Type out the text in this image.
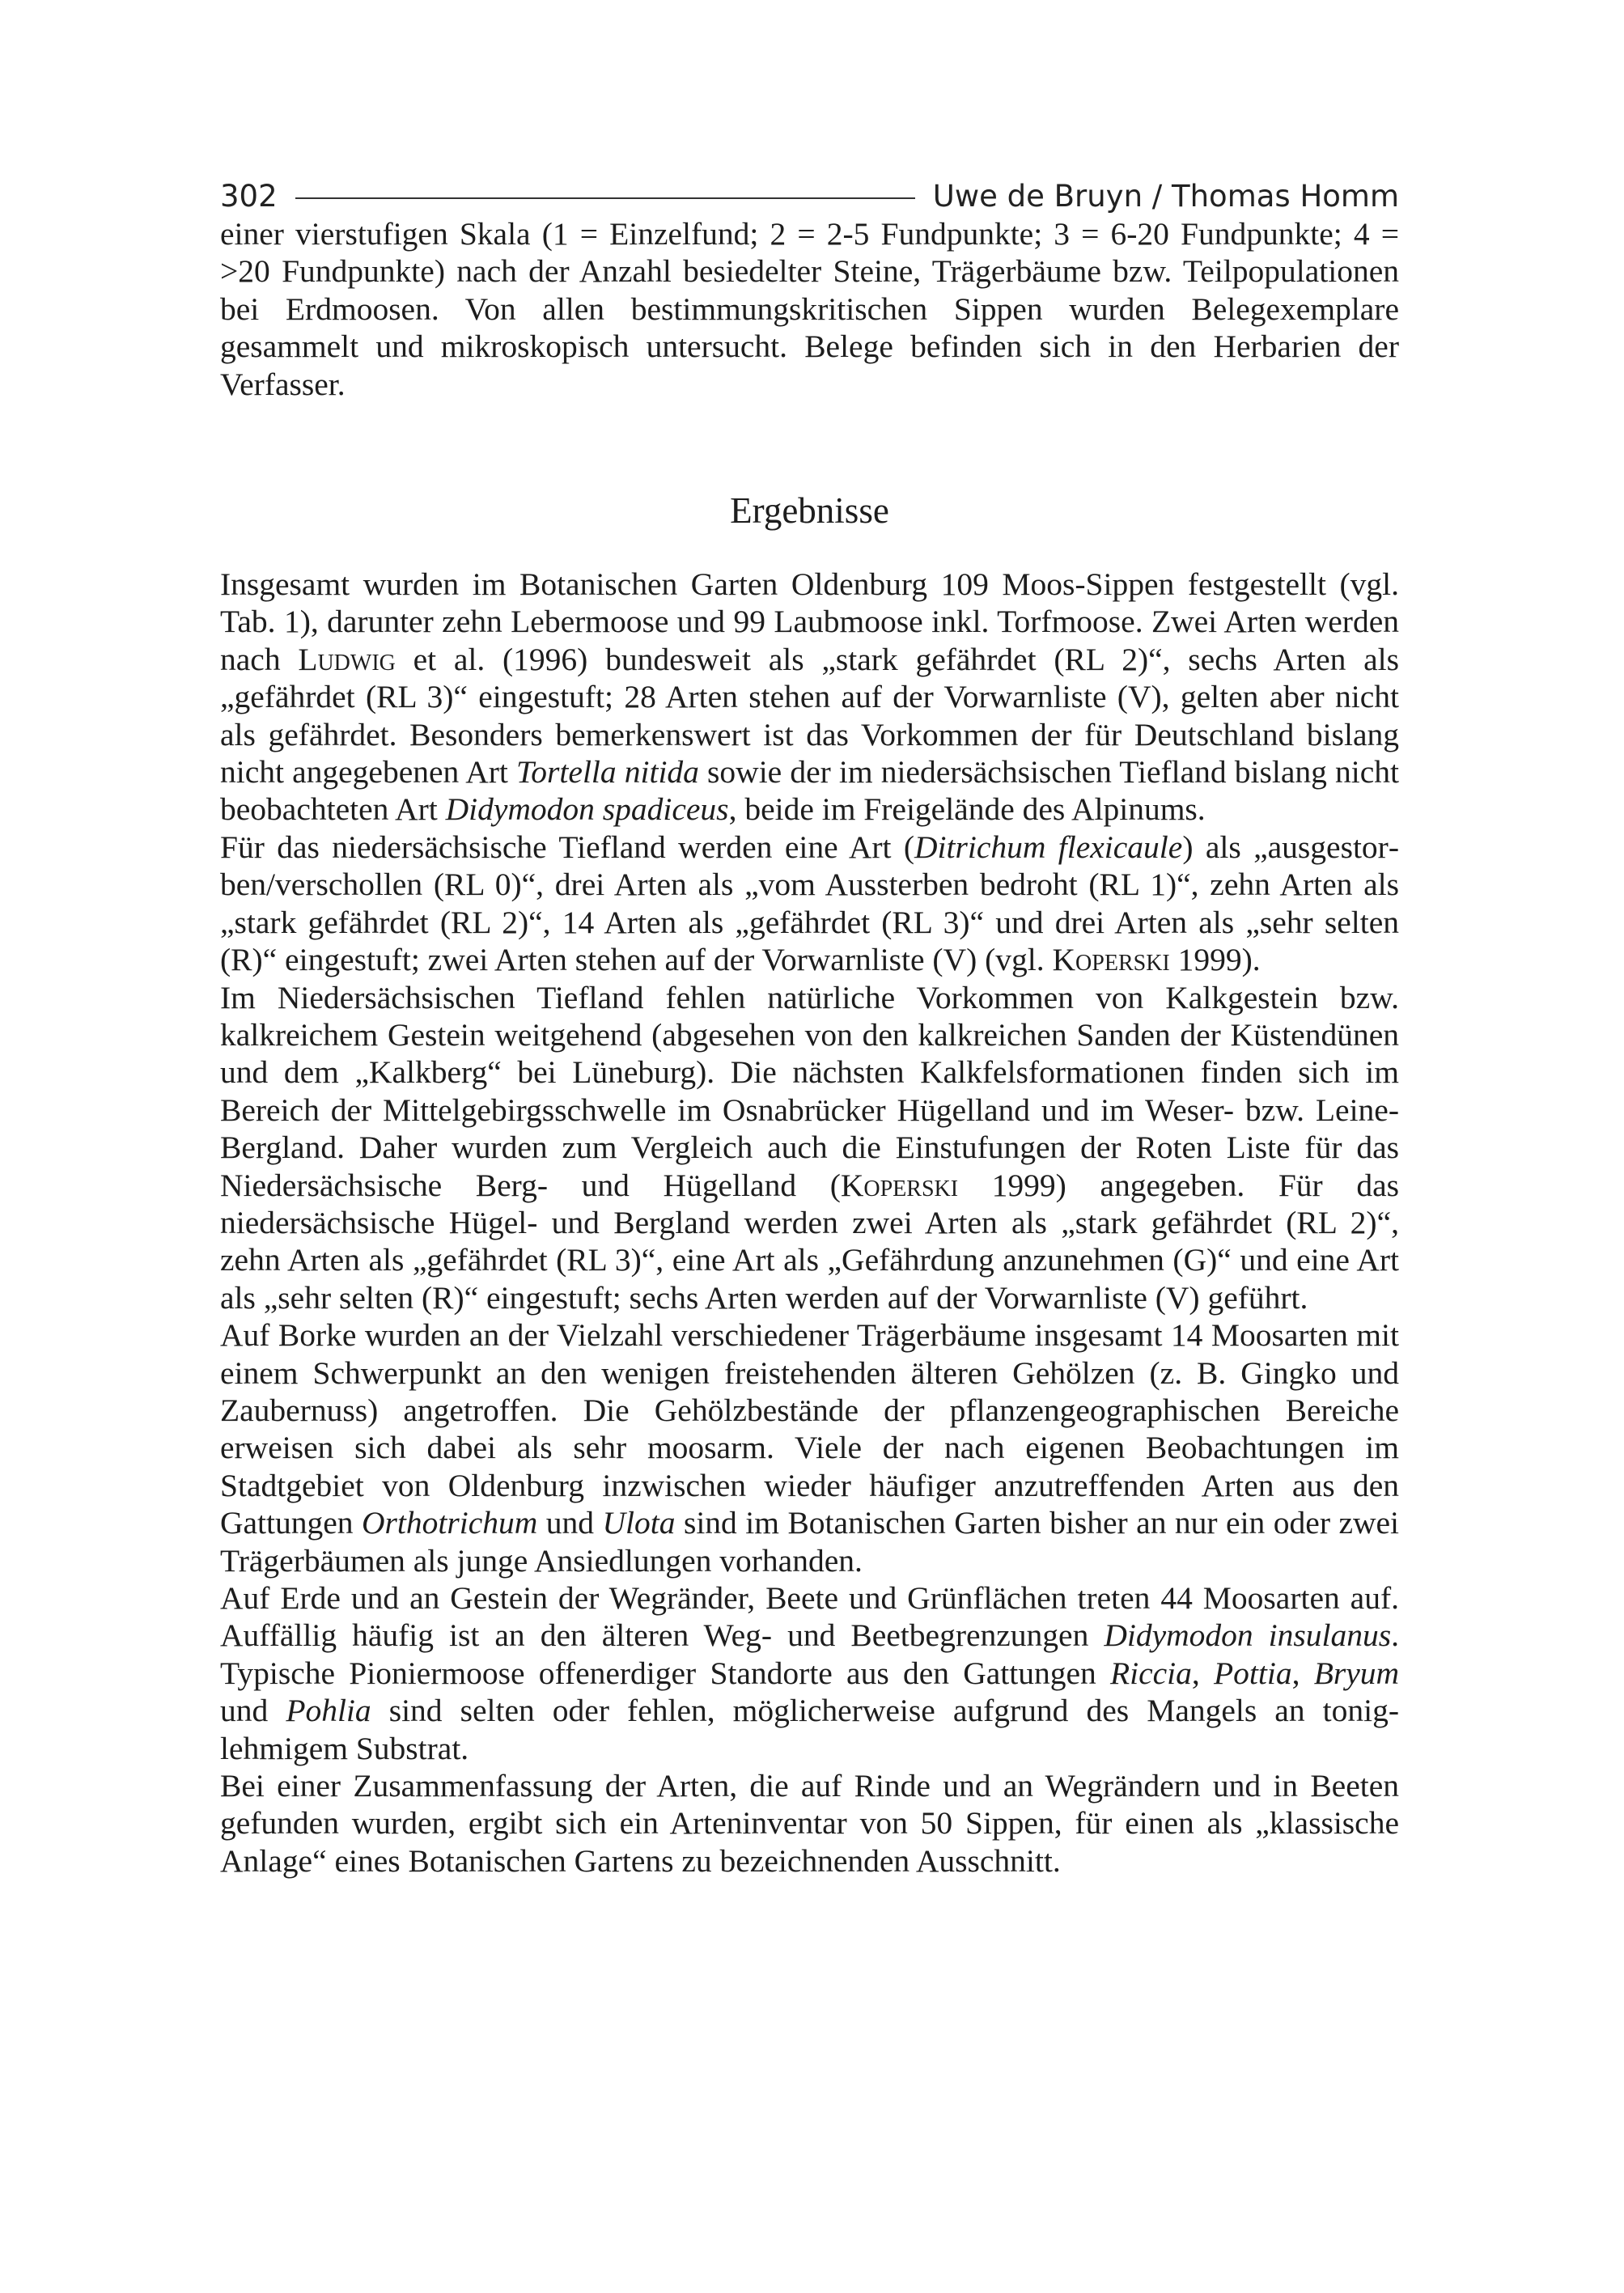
302	Uwe de Bruyn / Thomas Homm

einer vierstufigen Skala (1 = Einzelfund; 2 = 2-5 Fundpunkte; 3 = 6-20 Fundpunkte; 4 = >20 Fundpunkte) nach der Anzahl besiedelter Steine, Trägerbäume bzw. Teilpopulationen bei Erdmoosen. Von allen bestimmungskritischen Sippen wurden Belegexemplare gesammelt und mikroskopisch untersucht. Belege befinden sich in den Herbarien der Verfasser.

Ergebnisse

Insgesamt wurden im Botanischen Garten Oldenburg 109 Moos-Sippen festgestellt (vgl. Tab. 1), darunter zehn Lebermoose und 99 Laubmoose inkl. Torfmoose. Zwei Arten werden nach Ludwig et al. (1996) bundesweit als „stark gefährdet (RL 2)“, sechs Arten als „gefährdet (RL 3)“ eingestuft; 28 Arten stehen auf der Vorwarnliste (V), gelten aber nicht als gefährdet. Besonders bemerkenswert ist das Vorkommen der für Deutschland bislang nicht angegebenen Art Tortella nitida sowie der im niedersächsischen Tiefland bislang nicht beobachteten Art Didymodon spadiceus, beide im Freigelände des Alpinums.

Für das niedersächsische Tiefland werden eine Art (Ditrichum flexicaule) als „ausgestorben/verschollen (RL 0)“, drei Arten als „vom Aussterben bedroht (RL 1)“, zehn Arten als „stark gefährdet (RL 2)“, 14 Arten als „gefährdet (RL 3)“ und drei Arten als „sehr selten (R)“ eingestuft; zwei Arten stehen auf der Vorwarnliste (V) (vgl. Koperski 1999).

Im Niedersächsischen Tiefland fehlen natürliche Vorkommen von Kalkgestein bzw. kalkreichem Gestein weitgehend (abgesehen von den kalkreichen Sanden der Küstendünen und dem „Kalkberg“ bei Lüneburg). Die nächsten Kalkfelsformationen finden sich im Bereich der Mittelgebirgsschwelle im Osnabrücker Hügelland und im Weser- bzw. Leine-Bergland. Daher wurden zum Vergleich auch die Einstufungen der Roten Liste für das Niedersächsische Berg- und Hügelland (Koperski 1999) angegeben. Für das niedersächsische Hügel- und Bergland werden zwei Arten als „stark gefährdet (RL 2)“, zehn Arten als „gefährdet (RL 3)“, eine Art als „Gefährdung anzunehmen (G)“ und eine Art als „sehr selten (R)“ eingestuft; sechs Arten werden auf der Vorwarnliste (V) geführt.

Auf Borke wurden an der Vielzahl verschiedener Trägerbäume insgesamt 14 Moosarten mit einem Schwerpunkt an den wenigen freistehenden älteren Gehölzen (z. B. Gingko und Zaubernuss) angetroffen. Die Gehölzbestände der pflanzengeographischen Bereiche erweisen sich dabei als sehr moosarm. Viele der nach eigenen Beobachtungen im Stadtgebiet von Oldenburg inzwischen wieder häufiger anzutreffenden Arten aus den Gattungen Orthotrichum und Ulota sind im Botanischen Garten bisher an nur ein oder zwei Trägerbäumen als junge Ansiedlungen vorhanden.

Auf Erde und an Gestein der Wegränder, Beete und Grünflächen treten 44 Moosarten auf. Auffällig häufig ist an den älteren Weg- und Beetbegrenzungen Didymodon insulanus. Typische Pioniermoose offenerdiger Standorte aus den Gattungen Riccia, Pottia, Bryum und Pohlia sind selten oder fehlen, möglicherweise aufgrund des Mangels an tonig-lehmigem Substrat.

Bei einer Zusammenfassung der Arten, die auf Rinde und an Wegrändern und in Beeten gefunden wurden, ergibt sich ein Arteninventar von 50 Sippen, für einen als „klassische Anlage“ eines Botanischen Gartens zu bezeichnenden Ausschnitt.
